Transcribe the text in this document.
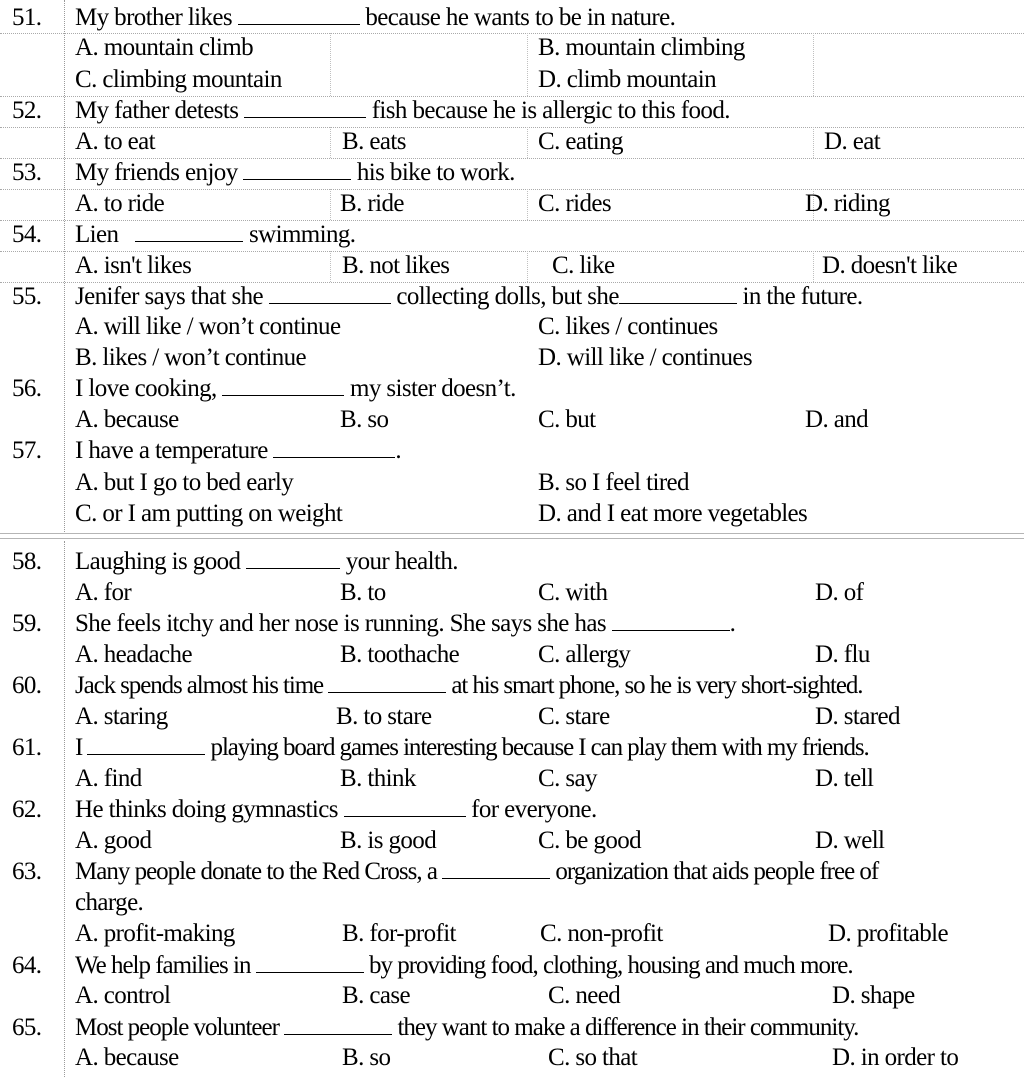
51. My brother likes	because he wants to be in nature.
A. mountain climb	B. mountain climbing
C. climbing mountain	D. climb mountain
52. My father detests	fish because he is allergic to this food.
A. to eat	B. eats	C. eating	D. eat
53. My friends enjoy	his bike to work.
A. to ride	B. ride	C. rides	D. riding
54. Lien	swimming.
A. isn't likes	B. not likes	C. like	D. doesn't like
55. Jenifer says that she	collecting dolls, but she	in the future.
A. will like / won’t continue	C. likes / continues
B. likes / won’t continue	D. will like / continues
56. I love cooking,	my sister doesn’t.
A. because	B. so	C. but	D. and
57. I have a temperature	.
A. but I go to bed early	B. so I feel tired
C. or I am putting on weight	D. and I eat more vegetables
58. Laughing is good	your health.
A. for	B. to	C. with	D. of
59. She feels itchy and her nose is running. She says she has	.
A. headache	B. toothache	C. allergy	D. flu
60. Jack spends almost his time	at his smart phone, so he is very short-sighted.
A. staring	B. to stare	C. stare	D. stared
61. I	playing board games interesting because I can play them with my friends.
A. find	B. think	C. say	D. tell
62. He thinks doing gymnastics	for everyone.
A. good	B. is good	C. be good	D. well
63. Many people donate to the Red Cross, a	organization that aids people free of
charge.
A. profit-making	B. for-profit	C. non-profit	D. profitable
64. We help families in	by providing food, clothing, housing and much more.
A. control	B. case	C. need	D. shape
65. Most people volunteer	they want to make a difference in their community.
A. because	B. so	C. so that	D. in order to
